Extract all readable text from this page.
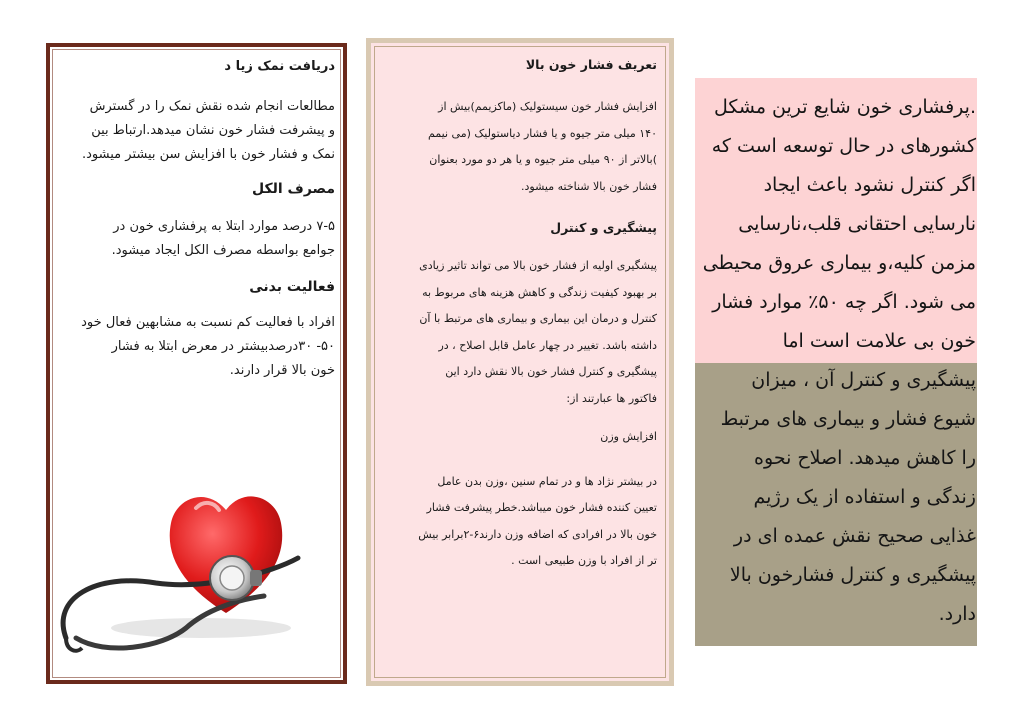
دریافت نمک زیا د

مطالعات انجام شده نقش نمک را در گسترش

و پیشرفت فشار خون نشان میدهد.ارتباط بین

نمک و فشار خون با افزایش سن بیشتر میشود.

مصرف الکل

۷-۵ درصد موارد ابتلا به پرفشاری خون در

جوامع بواسطه مصرف الکل ایجاد میشود.

فعالیت بدنی

افراد با فعالیت کم نسبت به مشابهین فعال خود

۵۰- ۳۰درصدبیشتر در معرض ابتلا به فشار

خون بالا قرار دارند.

تعریف فشار خون بالا

افزایش فشار خون سیستولیک (ماکزیمم)بیش از

۱۴۰ میلی متر جیوه و یا فشار دیاستولیک (می نیمم

)بالاتر از ۹۰ میلی متر جیوه و یا هر دو مورد بعنوان

فشار خون بالا شناخته میشود.

پیشگیری و کنترل

پیشگیری اولیه از فشار خون بالا می تواند تاثیر زیادی

بر بهبود کیفیت زندگی و کاهش هزینه های مربوط به

کنترل و درمان این بیماری و بیماری های مرتبط با آن

داشته باشد. تغییر در چهار عامل قابل اصلاح ، در

پیشگیری و کنترل فشار خون بالا نقش دارد این

فاکتور ها عبارتند از:

افزایش وزن

در بیشتر نژاد ها و در تمام سنین ،وزن بدن عامل

تعیین کننده فشار خون میباشد.خطر پیشرفت فشار

خون بالا در افرادی که اضافه وزن دارند۶-۲برابر بیش

تر از افراد با وزن طبیعی است .

.پرفشاری خون شایع ترین مشکل
کشورهای در حال توسعه است که
اگر کنترل نشود باعث ایجاد
نارسایی احتقانی قلب،نارسایی
مزمن کلیه،و بیماری عروق محیطی
می شود. اگر چه ۵۰٪ موارد فشار
خون بی علامت است اما
پیشگیری و کنترل آن ، میزان
شیوع فشار و بیماری های مرتبط
را کاهش میدهد. اصلاح نحوه
زندگی و استفاده از یک رژیم
غذایی صحیح نقش عمده ای در
پیشگیری و کنترل فشارخون بالا
دارد.
